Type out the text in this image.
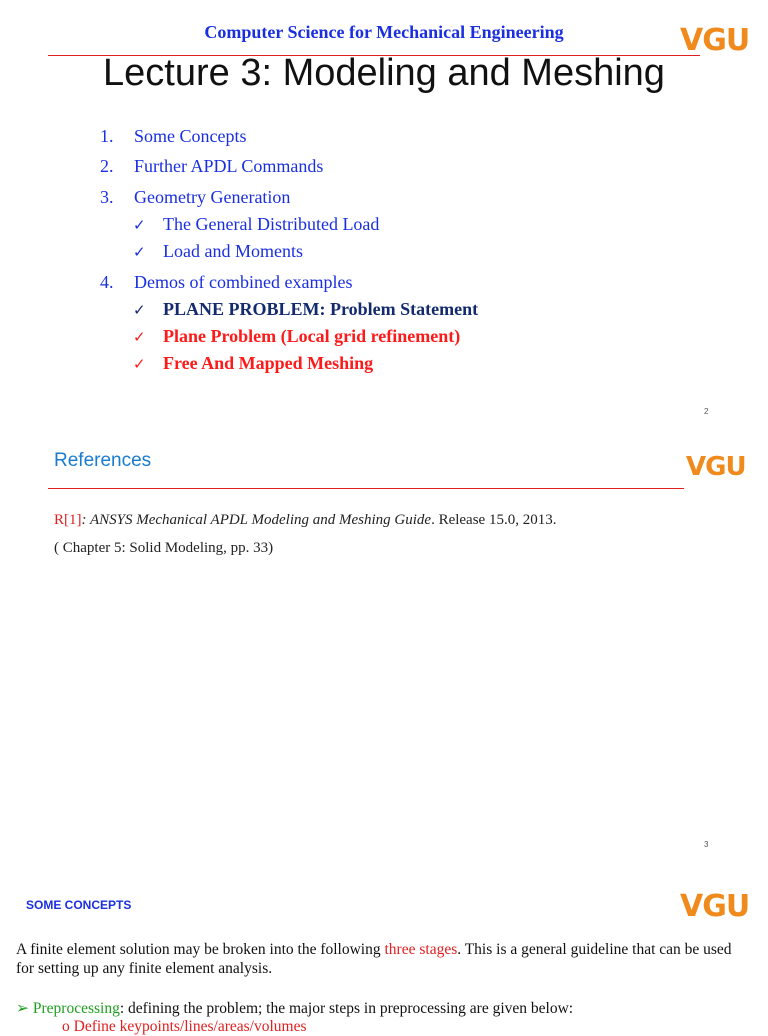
Computer Science for Mechanical Engineering	VGU
Lecture 3: Modeling and Meshing
1. Some Concepts
2. Further APDL Commands
3. Geometry Generation
✓ The General Distributed Load
✓ Load and Moments
4. Demos of combined examples
✓ PLANE PROBLEM: Problem Statement
✓ Plane Problem (Local grid refinement)
✓ Free And Mapped Meshing
2
References	VGU
R[1]: ANSYS Mechanical APDL Modeling and Meshing Guide. Release 15.0, 2013.
( Chapter 5: Solid Modeling, pp. 33)
3
SOME CONCEPTS	VGU
A finite element solution may be broken into the following three stages. This is a general guideline that can be used for setting up any finite element analysis.
➢ Preprocessing: defining the problem; the major steps in preprocessing are given below:
o Define keypoints/lines/areas/volumes
